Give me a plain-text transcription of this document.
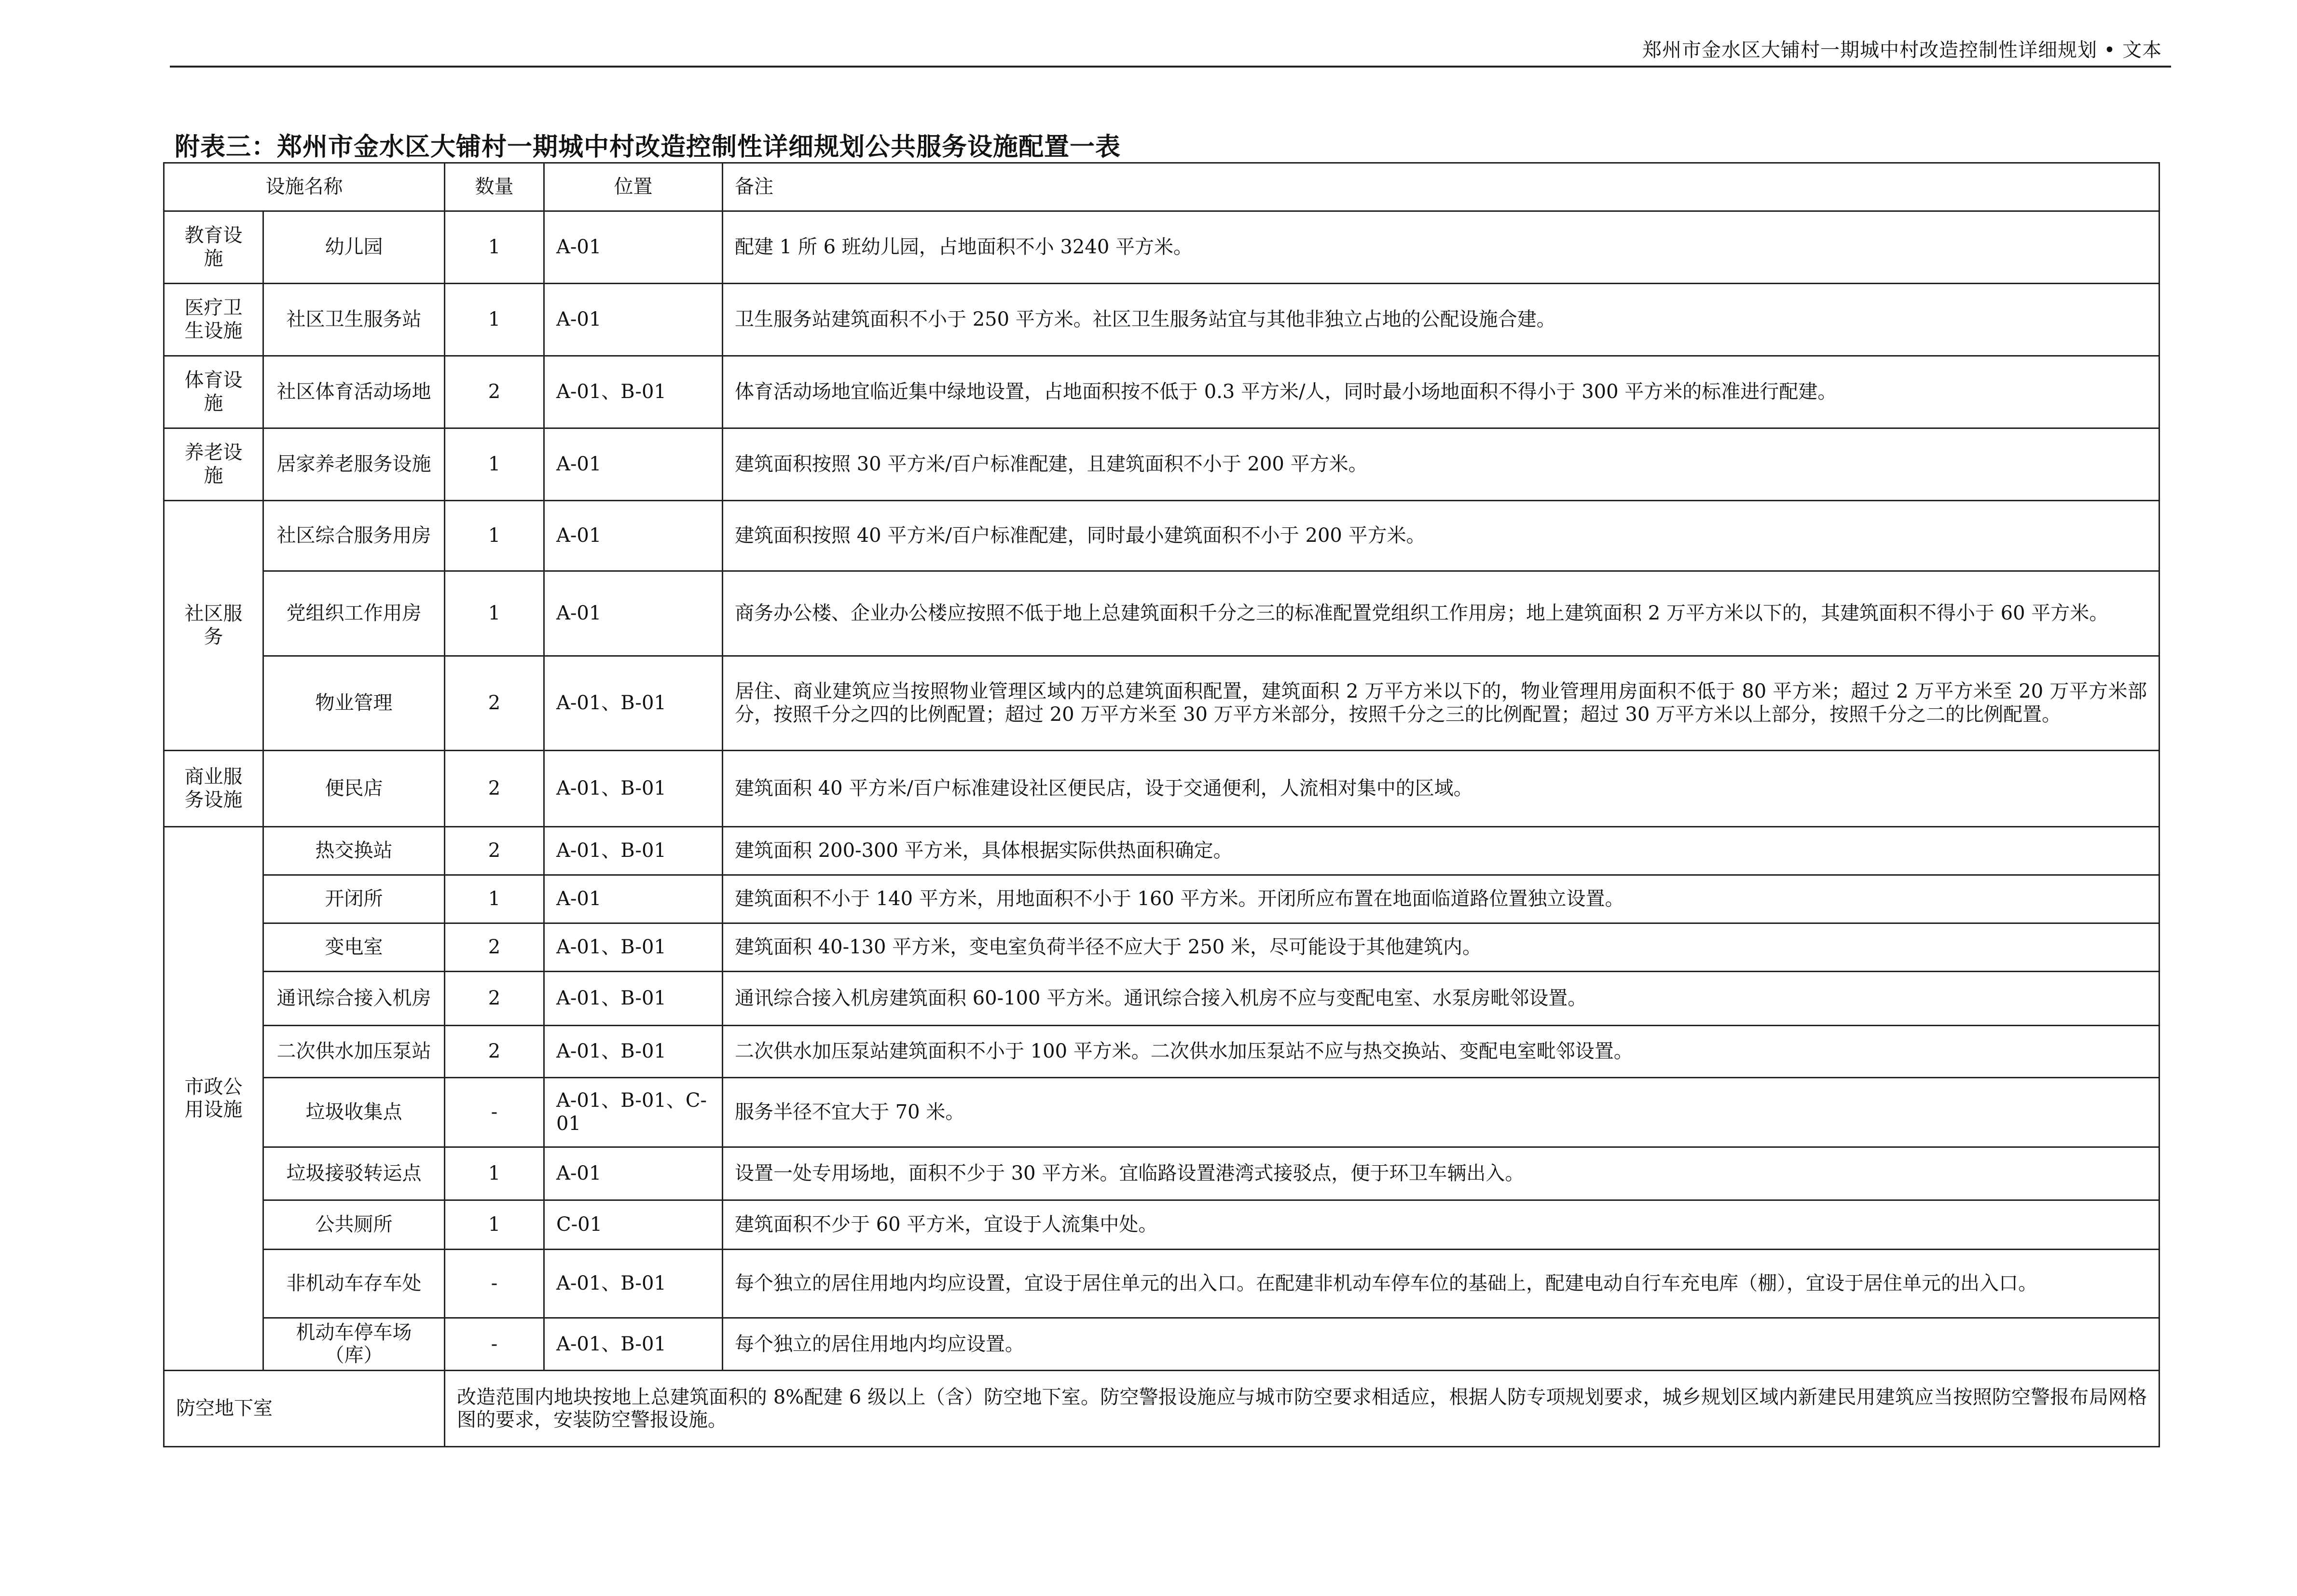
郑州市金水区大铺村一期城中村改造控制性详细规划 • 文本
附表三：郑州市金水区大铺村一期城中村改造控制性详细规划公共服务设施配置一表
设施名称		数量	位置	备注
教育设施	幼儿园	1	A-01	配建 1 所 6 班幼儿园，占地面积不小 3240 平方米。
医疗卫生设施	社区卫生服务站	1	A-01	卫生服务站建筑面积不小于 250 平方米。社区卫生服务站宜与其他非独立占地的公配设施合建。
体育设施	社区体育活动场地	2	A-01、B-01	体育活动场地宜临近集中绿地设置，占地面积按不低于 0.3 平方米/人，同时最小场地面积不得小于 300 平方米的标准进行配建。
养老设施	居家养老服务设施	1	A-01	建筑面积按照 30 平方米/百户标准配建，且建筑面积不小于 200 平方米。
社区服务	社区综合服务用房	1	A-01	建筑面积按照 40 平方米/百户标准配建，同时最小建筑面积不小于 200 平方米。
	党组织工作用房	1	A-01	商务办公楼、企业办公楼应按照不低于地上总建筑面积千分之三的标准配置党组织工作用房；地上建筑面积 2 万平方米以下的，其建筑面积不得小于 60 平方米。
	物业管理	2	A-01、B-01	居住、商业建筑应当按照物业管理区域内的总建筑面积配置，建筑面积 2 万平方米以下的，物业管理用房面积不低于 80 平方米；超过 2 万平方米至 20 万平方米部分，按照千分之四的比例配置；超过 20 万平方米至 30 万平方米部分，按照千分之三的比例配置；超过 30 万平方米以上部分，按照千分之二的比例配置。
商业服务设施	便民店	2	A-01、B-01	建筑面积 40 平方米/百户标准建设社区便民店，设于交通便利，人流相对集中的区域。
市政公用设施	热交换站	2	A-01、B-01	建筑面积 200-300 平方米，具体根据实际供热面积确定。
	开闭所	1	A-01	建筑面积不小于 140 平方米，用地面积不小于 160 平方米。开闭所应布置在地面临道路位置独立设置。
	变电室	2	A-01、B-01	建筑面积 40-130 平方米，变电室负荷半径不应大于 250 米，尽可能设于其他建筑内。
	通讯综合接入机房	2	A-01、B-01	通讯综合接入机房建筑面积 60-100 平方米。通讯综合接入机房不应与变配电室、水泵房毗邻设置。
	二次供水加压泵站	2	A-01、B-01	二次供水加压泵站建筑面积不小于 100 平方米。二次供水加压泵站不应与热交换站、变配电室毗邻设置。
	垃圾收集点	-	A-01、B-01、C-01	服务半径不宜大于 70 米。
	垃圾接驳转运点	1	A-01	设置一处专用场地，面积不少于 30 平方米。宜临路设置港湾式接驳点，便于环卫车辆出入。
	公共厕所	1	C-01	建筑面积不少于 60 平方米，宜设于人流集中处。
	非机动车存车处	-	A-01、B-01	每个独立的居住用地内均应设置，宜设于居住单元的出入口。在配建非机动车停车位的基础上，配建电动自行车充电库（棚），宜设于居住单元的出入口。
	机动车停车场（库）	-	A-01、B-01	每个独立的居住用地内均应设置。
防空地下室		改造范围内地块按地上总建筑面积的 8%配建 6 级以上（含）防空地下室。防空警报设施应与城市防空要求相适应，根据人防专项规划要求，城乡规划区域内新建民用建筑应当按照防空警报布局网格图的要求，安装防空警报设施。		
